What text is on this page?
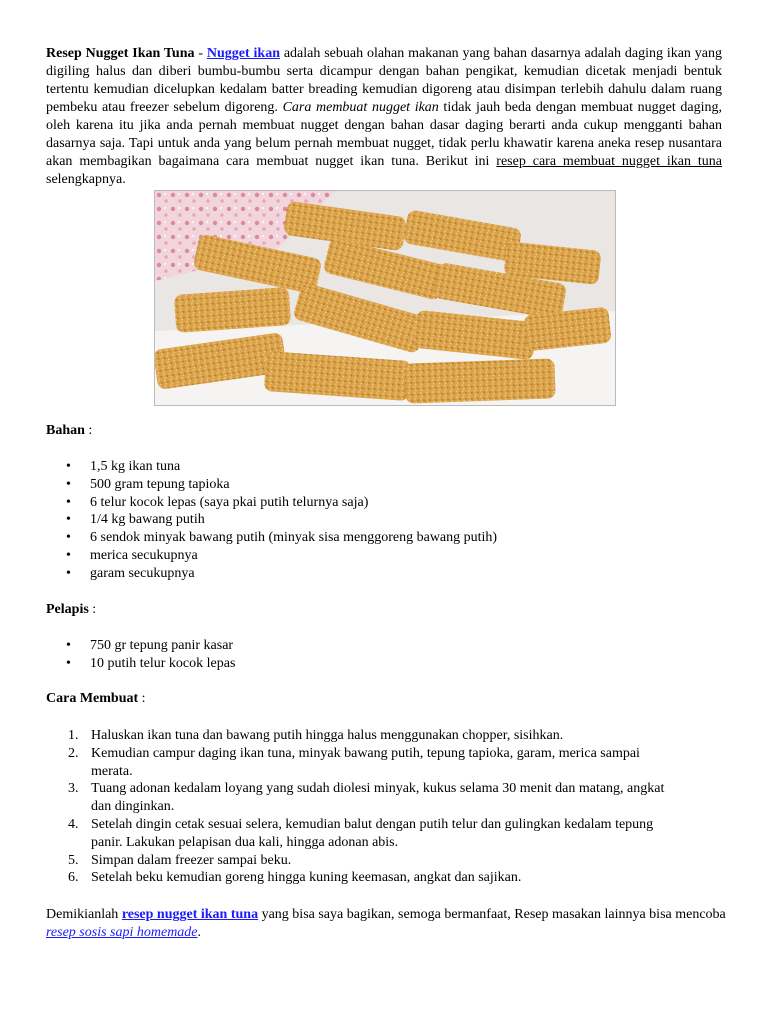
Resep Nugget Ikan Tuna - Nugget ikan adalah sebuah olahan makanan yang bahan dasarnya adalah daging ikan yang digiling halus dan diberi bumbu-bumbu serta dicampur dengan bahan pengikat, kemudian dicetak menjadi bentuk tertentu kemudian dicelupkan kedalam batter breading kemudian digoreng atau disimpan terlebih dahulu dalam ruang pembeku atau freezer sebelum digoreng. Cara membuat nugget ikan tidak jauh beda dengan membuat nugget daging, oleh karena itu jika anda pernah membuat nugget dengan bahan dasar daging berarti anda cukup mengganti bahan dasarnya saja. Tapi untuk anda yang belum pernah membuat nugget, tidak perlu khawatir karena aneka resep nusantara akan membagikan bagaimana cara membuat nugget ikan tuna. Berikut ini resep cara membuat nugget ikan tuna selengkapnya.

Bahan :

• 1,5 kg ikan tuna
• 500 gram tepung tapioka
• 6 telur kocok lepas (saya pkai putih telurnya saja)
• 1/4 kg bawang putih
• 6 sendok minyak bawang putih (minyak sisa menggoreng bawang putih)
• merica secukupnya
• garam secukupnya

Pelapis :

• 750 gr tepung panir kasar
• 10 putih telur kocok lepas

Cara Membuat :

1. Haluskan ikan tuna dan bawang putih hingga halus menggunakan chopper, sisihkan.
2. Kemudian campur daging ikan tuna, minyak bawang putih, tepung tapioka, garam, merica sampai
merata.
3. Tuang adonan kedalam loyang yang sudah diolesi minyak, kukus selama 30 menit dan matang, angkat
dan dinginkan.
4. Setelah dingin cetak sesuai selera, kemudian balut dengan putih telur dan gulingkan kedalam tepung
panir. Lakukan pelapisan dua kali, hingga adonan abis.
5. Simpan dalam freezer sampai beku.
6. Setelah beku kemudian goreng hingga kuning keemasan, angkat dan sajikan.

Demikianlah resep nugget ikan tuna yang bisa saya bagikan, semoga bermanfaat, Resep masakan lainnya bisa mencoba resep sosis sapi homemade.
